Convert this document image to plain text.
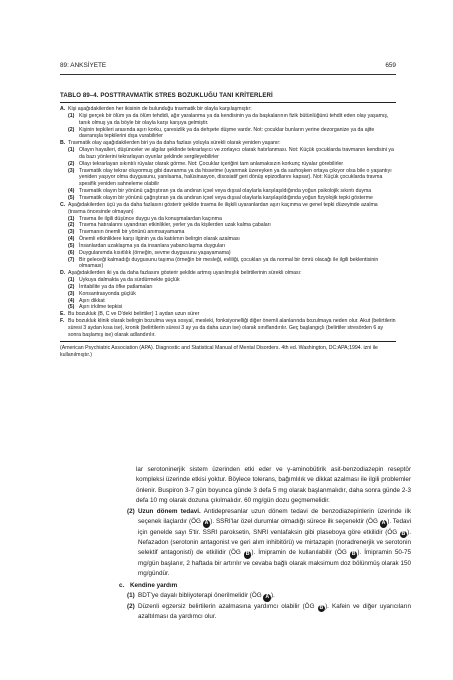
89: ANKSİYETE	659
TABLO 89–4. POSTTRAVMATİK STRES BOZUKLUĞU TANI KRİTERLERİ
A. Kişi aşağıdakilerden her ikisinin de bulunduğu travmatik bir olayla karşılaşmıştır:
(1) Kişi gerçek bir ölüm ya da ölüm tehdidi, ağır yaralanma ya da kendisinin ya da başkalarının fizik bütünlüğünü tehdit eden olay yaşamış, tanık olmuş ya da böyle bir olayla karşı karşıya gelmiştir.
(2) Kişinin tepkileri arasında aşırı korku, çaresizlik ya da dehşete düşme vardır. Not: çocuklar bunların yerine dezorganize ya da ajite davranışla tepkilerini dışa vurabilirler
B. Travmatik olay aşağıdakilerden biri ya da daha fazlası yoluyla sürekli olarak yeniden yaşanır:
(1) Olayın hayalleri, düşünceler ve algılar şeklinde tekrarlayıcı ve zorlayıcı olarak hatırlanması. Not: Küçük çocuklarda travmanın kendisini ya da bazı yönlerini tekrarlayan oyunlar şeklinde sergileyebilirler
(2) Olayı tekrarlayan sıkıntılı rüyalar olarak görme. Not: Çocuklar içeriğini tam anlamaksızın korkunç rüyalar görebilirler
(3) Travmatik olay tekrar oluyormuş gibi davranma ya da hissetme (uyanmak üzereyken ya da sarhoşken ortaya çıkıyor olsa bile o yaşantıyı yeniden yaşıyor olma duygusunu, yanılsama, halüsinasyon, disosiatif geri dönüş epizodlarını kapsar). Not: Küçük çocuklarda travma spesifik yeniden sahneleme olabilir
(4) Travmatik olayın bir yönünü çağrıştıran ya da andıran içsel veya dışsal olaylarla karşılaşıldığında yoğun psikolojik sıkıntı duyma
(5) Travmatik olayın bir yönünü çağrıştıran ya da andıran içsel veya dışsal olaylarla karşılaşıldığında yoğun fizyolojik tepki gösterme
C. Aşağıdakilerden üçü ya da daha fazlasını gösterir şekilde travma ile ilişkili uyaranlardan aşırı kaçınma ve genel tepki düzeyinde azalma (travma öncesinde olmayan)
(1) Travma ile ilgili düşünce duygu ya da konuşmalardan kaçınma
(2) Travma hatıralarını uyandıran etkinlikler, yerler ya da kişilerden uzak kalma çabaları
(3) Travmanın önemli bir yönünü anımsayamama
(4) Önemli etkinliklere karşı ilginin ya da katılımın belirgin olarak azalması
(5) İnsanlardan uzaklaşma ya da insanlara yabancılaşma duyguları
(6) Duygulanımda kısıtlılık (örneğin, sevme duygusunu yaşayamama)
(7) Bir geleceği kalmadığı duygusunu taşıma (örneğin bir mesleği, evliliği, çocukları ya da normal bir ömrü olacağı ile ilgili beklentisinin olmaması)
D. Aşağıdakilerden iki ya da daha fazlasını gösterir şekilde artmış uyarılmışlık belirtilerinin sürekli olması:
(1) Uykuya dalmakta ya da sürdürmekte güçlük
(2) İrritabilite ya da öfke patlamaları
(3) Konsantrasyonda güçlük
(4) Aşırı dikkat
(5) Aşırı irkilme tepkisi
E. Bu bozukluk (B, C ve D'deki belirtiler) 1 aydan uzun sürer
F. Bu bozukluk klinik olarak belirgin bozulma veya sosyal, mesleki, fonksiyonelliği diğer önemli alanlarında bozulmaya neden olur. Akut (belirtilerin süresi 3 aydan kısa ise), kronik (belirtilerin süresi 3 ay ya da daha uzun ise) olarak sınıflandırılır. Geç başlangıçlı (belirtiler stresörden 6 ay sonra başlamış ise) olarak adlandırılır.
(American Psychiatric Association (APA). Diagnostic and Statistical Manual of Mental Disorders. 4th ed. Washington, DC:APA;1994. izni ile kullanılmıştır.)
lar serotoninerjik sistem üzerinden etki eder ve γ-aminobütirik asit-benzodiazepin reseptör kompleksi üzerinde etkisi yoktur. Böylece tolerans, bağımlılık ve dikkat azalması ile ilgili problemler önlenir. Buspiron 3-7 gün boyunca günde 3 defa 5 mg olarak başlanmalıdır, daha sonra günde 2-3 defa 10 mg olarak dozuna çıkılmalıdır. 60 mg/gün dozu geçmemelidir.
(2) Uzun dönem tedavi. Antidepresanlar uzun dönem tedavi de benzodiazepinlerin üzerinde ilk seçenek ilaçlardır (ÖG A ). SSRI'lar özel durumlar olmadığı sürece ilk seçenektir (ÖG A ). Tedavi için genelde sayı 5'tir. SSRI paroksetin, SNRI venlafaksin gibi plaseboya göre etkilidir (ÖG B ). Nefazadon (serotonin antagonist ve geri alım inhibitörü) ve mirtazapin (noradrenerjik ve serotonin selektif antagonisti) de etkilidir (ÖG B ). İmipramin de kullanılabilir (ÖG B ). İmipramin 50-75 mg/gün başlanır, 2 haftada bir artırılır ve cevaba bağlı olarak maksimum doz bölünmüş olarak 150 mg/gündür.
c. Kendine yardım
(1) BDT'ye dayalı bibliyoterapi önerilmelidir (ÖG A ).
(2) Düzenli egzersiz belirtilerin azalmasına yardımcı olabilir (ÖG B ). Kafein ve diğer uyarıcıların azaltılması da yardımcı olur.
